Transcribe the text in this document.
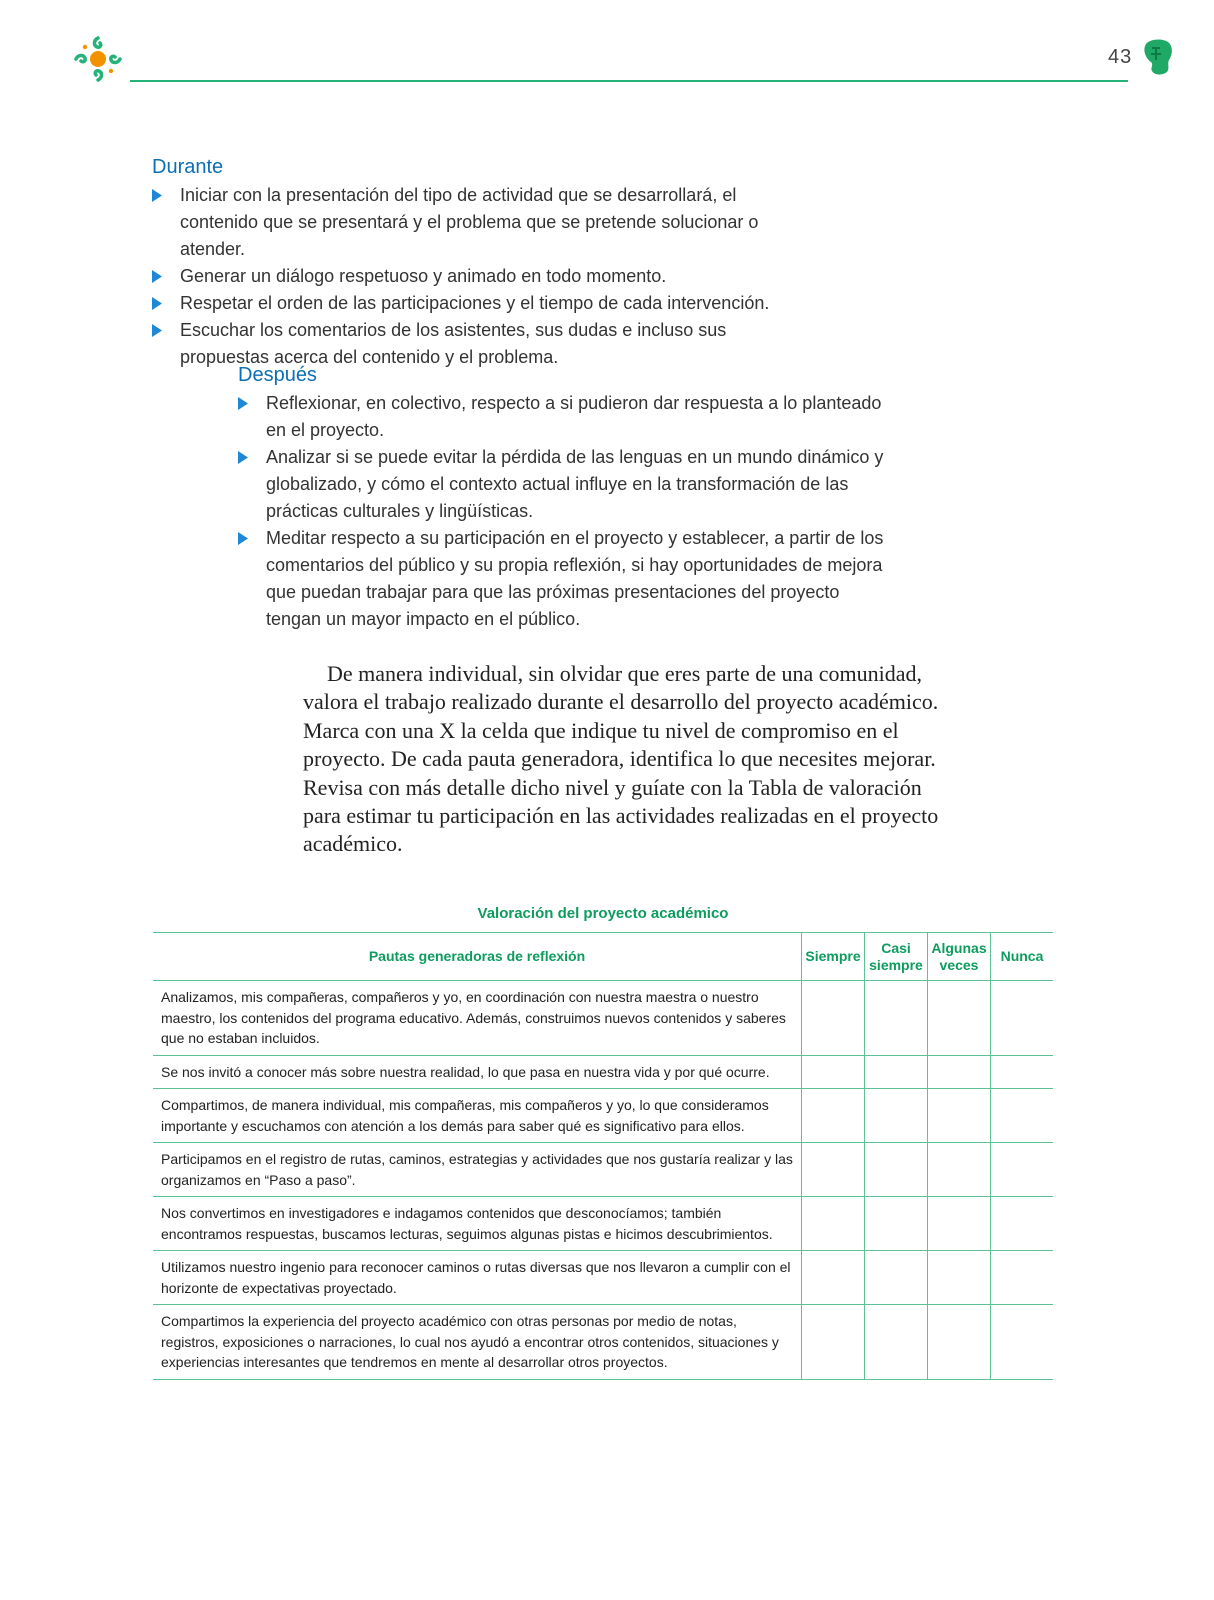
43
Durante
Iniciar con la presentación del tipo de actividad que se desarrollará, el contenido que se presentará y el problema que se pretende solucionar o atender.
Generar un diálogo respetuoso y animado en todo momento.
Respetar el orden de las participaciones y el tiempo de cada intervención.
Escuchar los comentarios de los asistentes, sus dudas e incluso sus propuestas acerca del contenido y el problema.
Después
Reflexionar, en colectivo, respecto a si pudieron dar respuesta a lo planteado en el proyecto.
Analizar si se puede evitar la pérdida de las lenguas en un mundo dinámico y globalizado, y cómo el contexto actual influye en la transformación de las prácticas culturales y lingüísticas.
Meditar respecto a su participación en el proyecto y establecer, a partir de los comentarios del público y su propia reflexión, si hay oportunidades de mejora que puedan trabajar para que las próximas presentaciones del proyecto tengan un mayor impacto en el público.

De manera individual, sin olvidar que eres parte de una comunidad, valora el trabajo realizado durante el desarrollo del proyecto académico. Marca con una X la celda que indique tu nivel de compromiso en el proyecto. De cada pauta generadora, identifica lo que necesites mejorar. Revisa con más detalle dicho nivel y guíate con la Tabla de valoración para estimar tu participación en las actividades realizadas en el proyecto académico.

Valoración del proyecto académico
Pautas generadoras de reflexión	Siempre	Casi siempre	Algunas veces	Nunca
Analizamos, mis compañeras, compañeros y yo, en coordinación con nuestra maestra o nuestro maestro, los contenidos del programa educativo. Además, construimos nuevos contenidos y saberes que no estaban incluidos.				
Se nos invitó a conocer más sobre nuestra realidad, lo que pasa en nuestra vida y por qué ocurre.				
Compartimos, de manera individual, mis compañeras, mis compañeros y yo, lo que consideramos importante y escuchamos con atención a los demás para saber qué es significativo para ellos.				
Participamos en el registro de rutas, caminos, estrategias y actividades que nos gustaría realizar y las organizamos en “Paso a paso”.				
Nos convertimos en investigadores e indagamos contenidos que desconocíamos; también encontramos respuestas, buscamos lecturas, seguimos algunas pistas e hicimos descubrimientos.				
Utilizamos nuestro ingenio para reconocer caminos o rutas diversas que nos llevaron a cumplir con el horizonte de expectativas proyectado.				
Compartimos la experiencia del proyecto académico con otras personas por medio de notas, registros, exposiciones o narraciones, lo cual nos ayudó a encontrar otros contenidos, situaciones y experiencias interesantes que tendremos en mente al desarrollar otros proyectos.				
